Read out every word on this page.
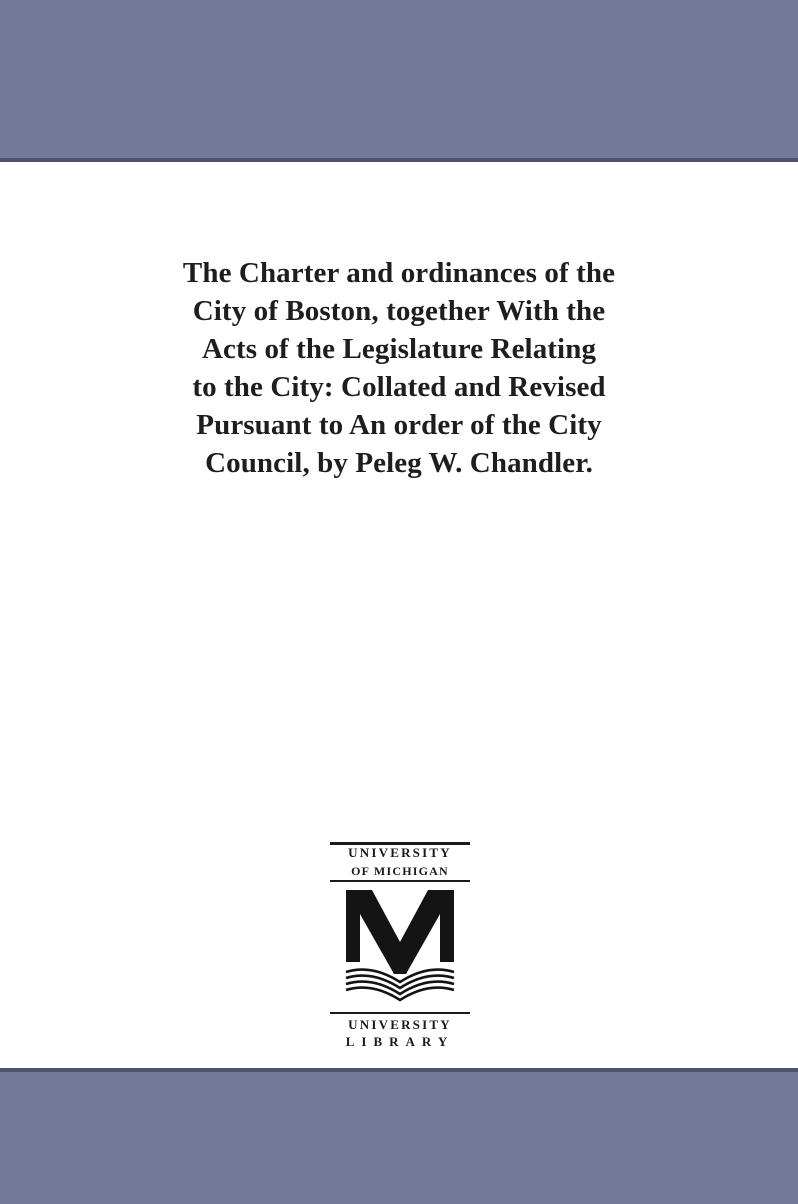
The Charter and ordinances of the
City of Boston, together With the
Acts of the Legislature Relating
to the City: Collated and Revised
Pursuant to An order of the City
Council, by Peleg W. Chandler.
UNIVERSITY
OF MICHIGAN
UNIVERSITY
LIBRARY
